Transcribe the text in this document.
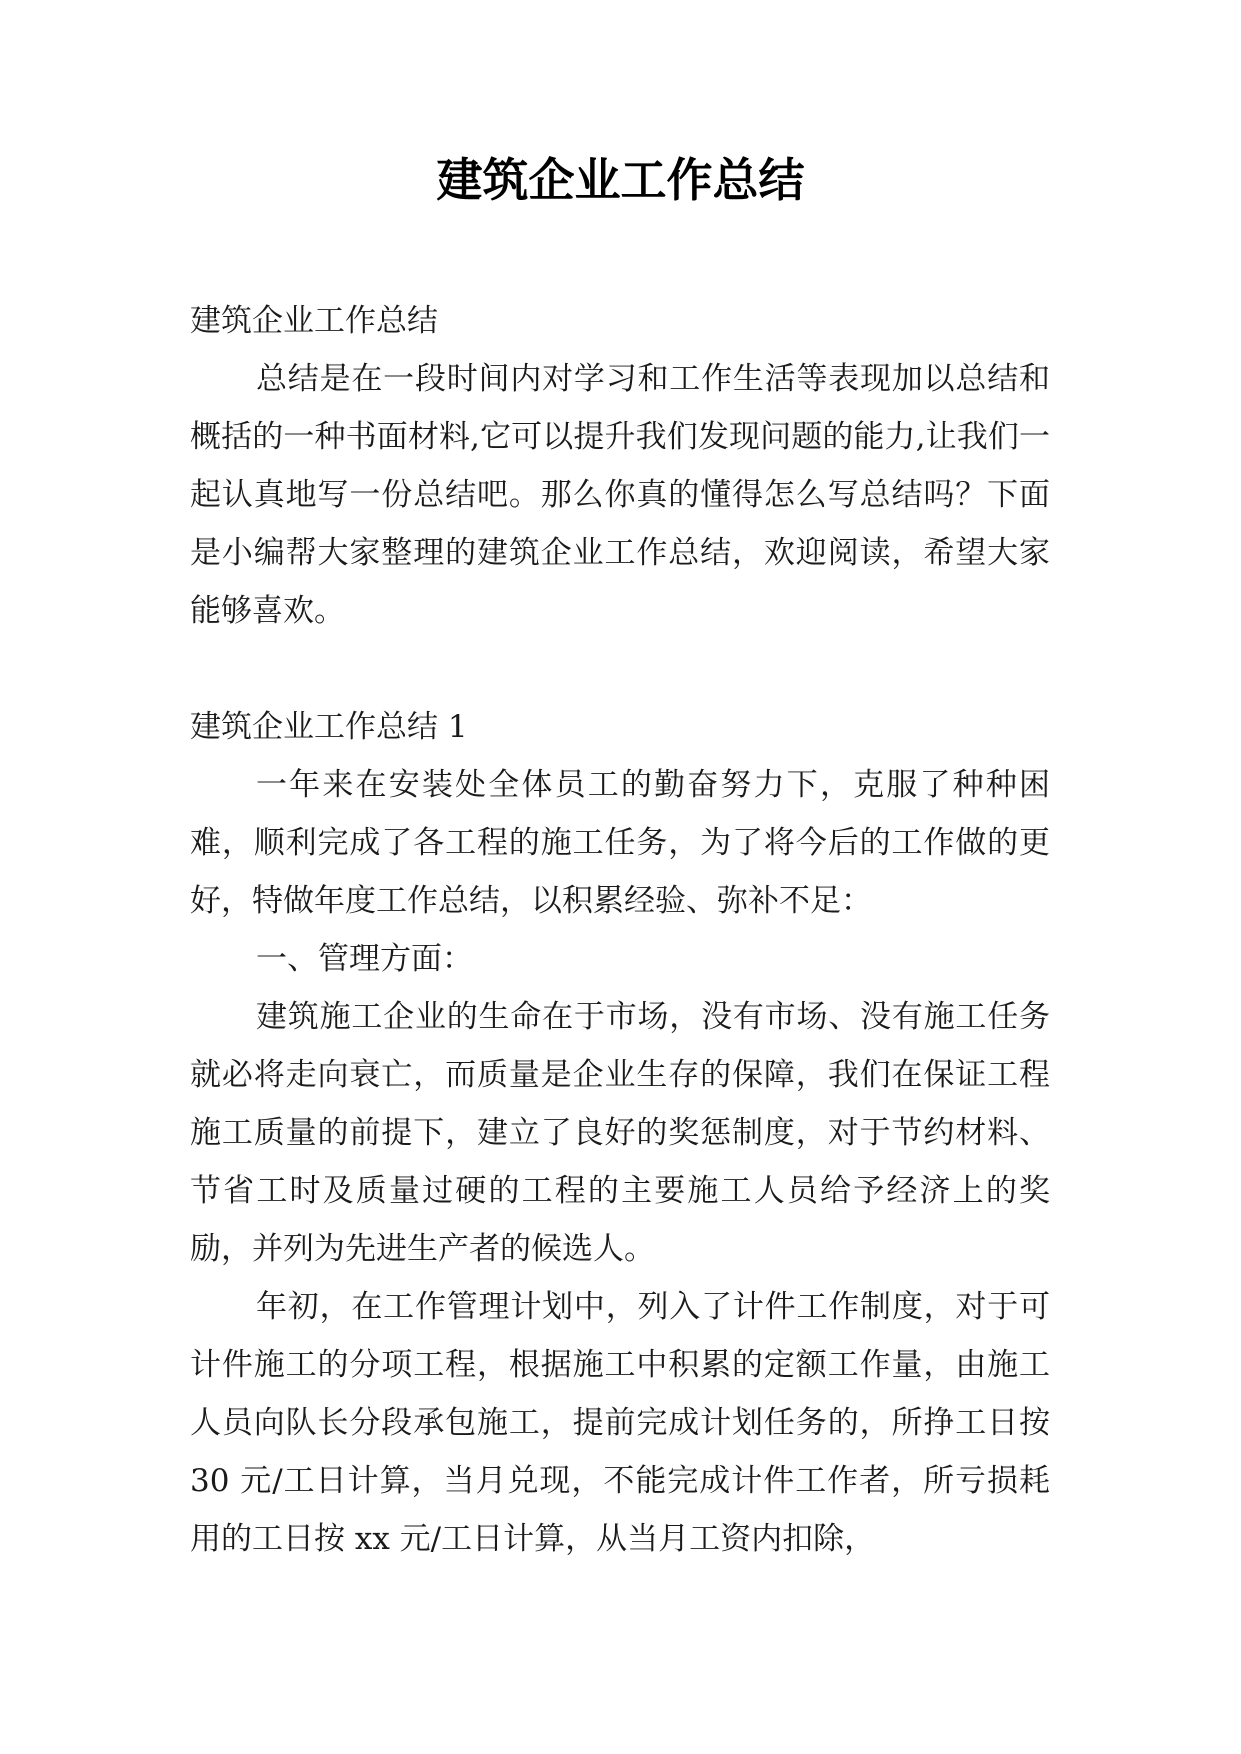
建筑企业工作总结

建筑企业工作总结

总结是在一段时间内对学习和工作生活等表现加以总结和概括的一种书面材料,它可以提升我们发现问题的能力,让我们一起认真地写一份总结吧。那么你真的懂得怎么写总结吗？下面是小编帮大家整理的建筑企业工作总结，欢迎阅读，希望大家能够喜欢。

建筑企业工作总结 1

一年来在安装处全体员工的勤奋努力下，克服了种种困难，顺利完成了各工程的施工任务，为了将今后的工作做的更好，特做年度工作总结，以积累经验、弥补不足：

一、管理方面：

建筑施工企业的生命在于市场，没有市场、没有施工任务就必将走向衰亡，而质量是企业生存的保障，我们在保证工程施工质量的前提下，建立了良好的奖惩制度，对于节约材料、节省工时及质量过硬的工程的主要施工人员给予经济上的奖励，并列为先进生产者的候选人。

年初，在工作管理计划中，列入了计件工作制度，对于可计件施工的分项工程，根据施工中积累的定额工作量，由施工人员向队长分段承包施工，提前完成计划任务的，所挣工日按 30 元/工日计算，当月兑现，不能完成计件工作者，所亏损耗用的工日按 xx 元/工日计算，从当月工资内扣除，
